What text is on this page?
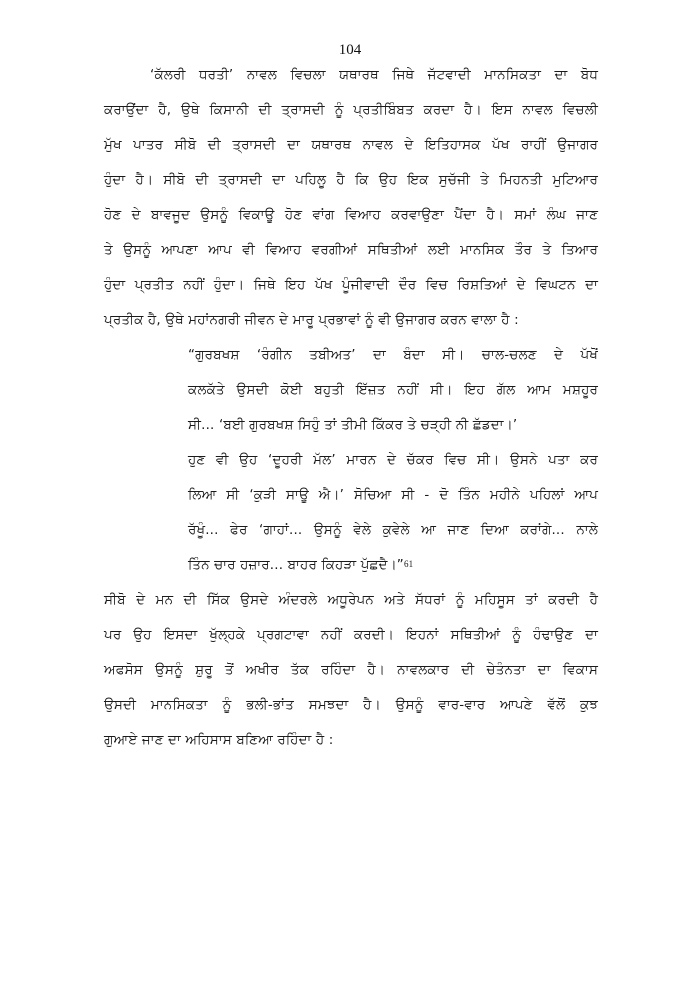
104
‘ਕੱਲਰੀ ਧਰਤੀ’ ਨਾਵਲ ਵਿਚਲਾ ਯਥਾਰਥ ਜਿਥੇ ਜੱਟਵਾਦੀ ਮਾਨਸਿਕਤਾ ਦਾ ਬੋਧ
ਕਰਾਉਂਦਾ ਹੈ, ਉਥੇ ਕਿਸਾਨੀ ਦੀ ਤ੍ਰਾਸਦੀ ਨੂੰ ਪ੍ਰਤੀਬਿੰਬਤ ਕਰਦਾ ਹੈ। ਇਸ ਨਾਵਲ ਵਿਚਲੀ
ਮੁੱਖ ਪਾਤਰ ਸੀਬੋ ਦੀ ਤ੍ਰਾਸਦੀ ਦਾ ਯਥਾਰਥ ਨਾਵਲ ਦੇ ਇਤਿਹਾਸਕ ਪੱਖ ਰਾਹੀਂ ਉਜਾਗਰ
ਹੁੰਦਾ ਹੈ। ਸੀਬੋ ਦੀ ਤ੍ਰਾਸਦੀ ਦਾ ਪਹਿਲੂ ਹੈ ਕਿ ਉਹ ਇਕ ਸੁਚੱਜੀ ਤੇ ਮਿਹਨਤੀ ਮੁਟਿਆਰ
ਹੋਣ ਦੇ ਬਾਵਜੂਦ ਉਸਨੂੰ ਵਿਕਾਊ ਹੋਣ ਵਾਂਗ ਵਿਆਹ ਕਰਵਾਉਣਾ ਪੈਂਦਾ ਹੈ। ਸਮਾਂ ਲੰਘ ਜਾਣ
ਤੇ ਉਸਨੂੰ ਆਪਣਾ ਆਪ ਵੀ ਵਿਆਹ ਵਰਗੀਆਂ ਸਥਿਤੀਆਂ ਲਈ ਮਾਨਸਿਕ ਤੌਰ ਤੇ ਤਿਆਰ
ਹੁੰਦਾ ਪ੍ਰਤੀਤ ਨਹੀਂ ਹੁੰਦਾ। ਜਿਥੇ ਇਹ ਪੱਖ ਪੂੰਜੀਵਾਦੀ ਦੌਰ ਵਿਚ ਰਿਸ਼ਤਿਆਂ ਦੇ ਵਿਘਟਨ ਦਾ
ਪ੍ਰਤੀਕ ਹੈ, ਉਥੇ ਮਹਾਂਨਗਰੀ ਜੀਵਨ ਦੇ ਮਾਰੂ ਪ੍ਰਭਾਵਾਂ ਨੂੰ ਵੀ ਉਜਾਗਰ ਕਰਨ ਵਾਲਾ ਹੈ :
“ਗੁਰਬਖਸ਼ ‘ਰੰਗੀਨ ਤਬੀਅਤ’ ਦਾ ਬੰਦਾ ਸੀ। ਚਾਲ-ਚਲਣ ਦੇ ਪੱਖੋਂ
ਕਲਕੱਤੇ ਉਸਦੀ ਕੋਈ ਬਹੁਤੀ ਇੱਜ਼ਤ ਨਹੀਂ ਸੀ। ਇਹ ਗੱਲ ਆਮ ਮਸ਼ਹੂਰ
ਸੀ... ‘ਬਈ ਗੁਰਬਖਸ਼ ਸਿਹੁੰ ਤਾਂ ਤੀਮੀ ਕਿੱਕਰ ਤੇ ਚੜ੍ਹੀ ਨੀ ਛੱਡਦਾ।’
ਹੁਣ ਵੀ ਉਹ ‘ਦੂਹਰੀ ਮੱਲ’ ਮਾਰਨ ਦੇ ਚੱਕਰ ਵਿਚ ਸੀ। ਉਸਨੇ ਪਤਾ ਕਰ
ਲਿਆ ਸੀ ‘ਕੁੜੀ ਸਾਊ ਐ।’ ਸੋਚਿਆ ਸੀ - ਦੋ ਤਿੰਨ ਮਹੀਨੇ ਪਹਿਲਾਂ ਆਪ
ਰੱਖੂੰ... ਫੇਰ ‘ਗਾਹਾਂ... ਉਸਨੂੰ ਵੇਲੇ ਕੁਵੇਲੇ ਆ ਜਾਣ ਦਿਆ ਕਰਾਂਗੇ... ਨਾਲੇ
ਤਿੰਨ ਚਾਰ ਹਜ਼ਾਰ... ਬਾਹਰ ਕਿਹੜਾ ਪੁੱਛਦੈ।”$^{61}$
ਸੀਬੋ ਦੇ ਮਨ ਦੀ ਸਿੱਕ ਉਸਦੇ ਅੰਦਰਲੇ ਅਧੂਰੇਪਨ ਅਤੇ ਸੱਧਰਾਂ ਨੂੰ ਮਹਿਸੂਸ ਤਾਂ ਕਰਦੀ ਹੈ
ਪਰ ਉਹ ਇਸਦਾ ਖੁੱਲ੍ਹਕੇ ਪ੍ਰਗਟਾਵਾ ਨਹੀਂ ਕਰਦੀ। ਇਹਨਾਂ ਸਥਿਤੀਆਂ ਨੂੰ ਹੰਢਾਉਣ ਦਾ
ਅਫਸੋਸ ਉਸਨੂੰ ਸ਼ੁਰੂ ਤੋਂ ਅਖੀਰ ਤੱਕ ਰਹਿੰਦਾ ਹੈ। ਨਾਵਲਕਾਰ ਦੀ ਚੇਤੰਨਤਾ ਦਾ ਵਿਕਾਸ
ਉਸਦੀ ਮਾਨਸਿਕਤਾ ਨੂੰ ਭਲੀ-ਭਾਂਤ ਸਮਝਦਾ ਹੈ। ਉਸਨੂੰ ਵਾਰ-ਵਾਰ ਆਪਣੇ ਵੱਲੋਂ ਕੁਝ
ਗੁਆਏ ਜਾਣ ਦਾ ਅਹਿਸਾਸ ਬਣਿਆ ਰਹਿੰਦਾ ਹੈ :
